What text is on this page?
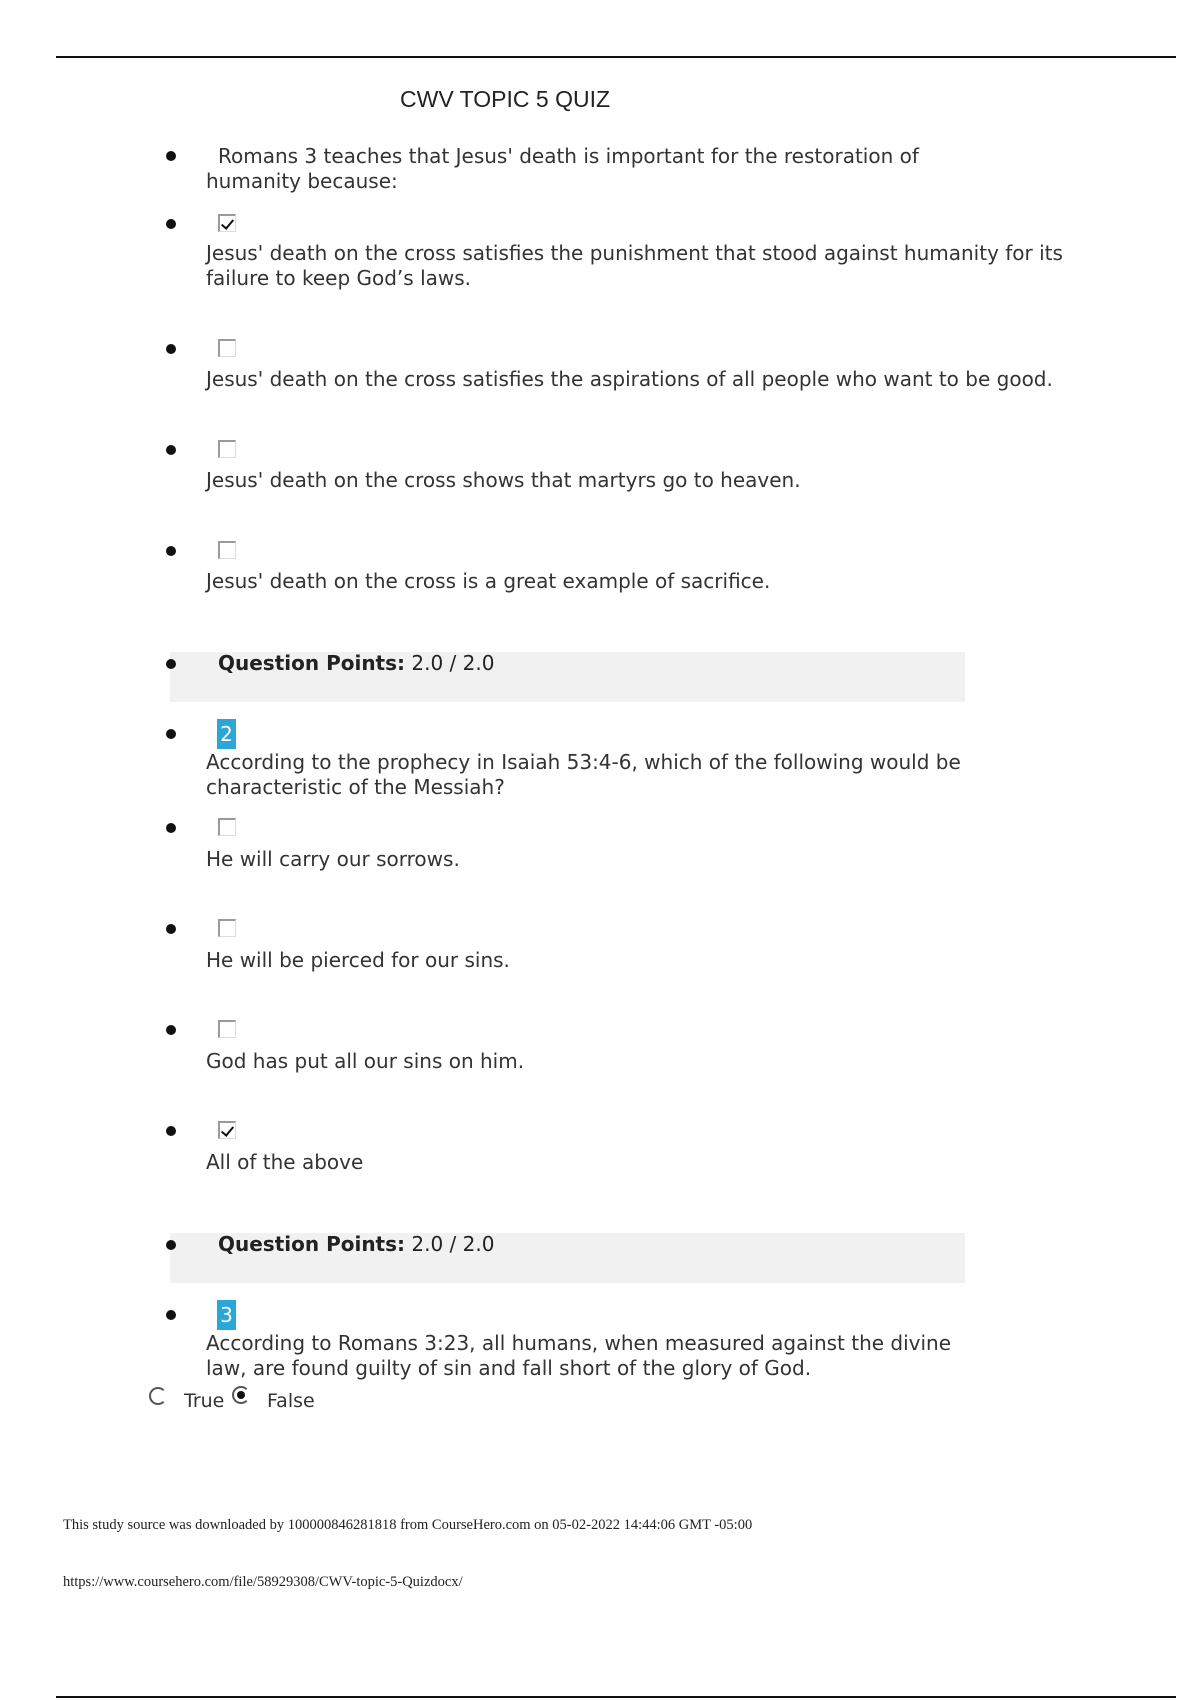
CWV TOPIC 5 QUIZ
Romans 3 teaches that Jesus' death is important for the restoration of
humanity because:
Jesus' death on the cross satisfies the punishment that stood against humanity for its
failure to keep God’s laws.
Jesus' death on the cross satisfies the aspirations of all people who want to be good.
Jesus' death on the cross shows that martyrs go to heaven.
Jesus' death on the cross is a great example of sacrifice.
Question Points: 2.0 / 2.0
2
According to the prophecy in Isaiah 53:4-6, which of the following would be
characteristic of the Messiah?
He will carry our sorrows.
He will be pierced for our sins.
God has put all our sins on him.
All of the above
Question Points: 2.0 / 2.0
3
According to Romans 3:23, all humans, when measured against the divine
law, are found guilty of sin and fall short of the glory of God.
True False
This study source was downloaded by 100000846281818 from CourseHero.com on 05-02-2022 14:44:06 GMT -05:00
https://www.coursehero.com/file/58929308/CWV-topic-5-Quizdocx/
